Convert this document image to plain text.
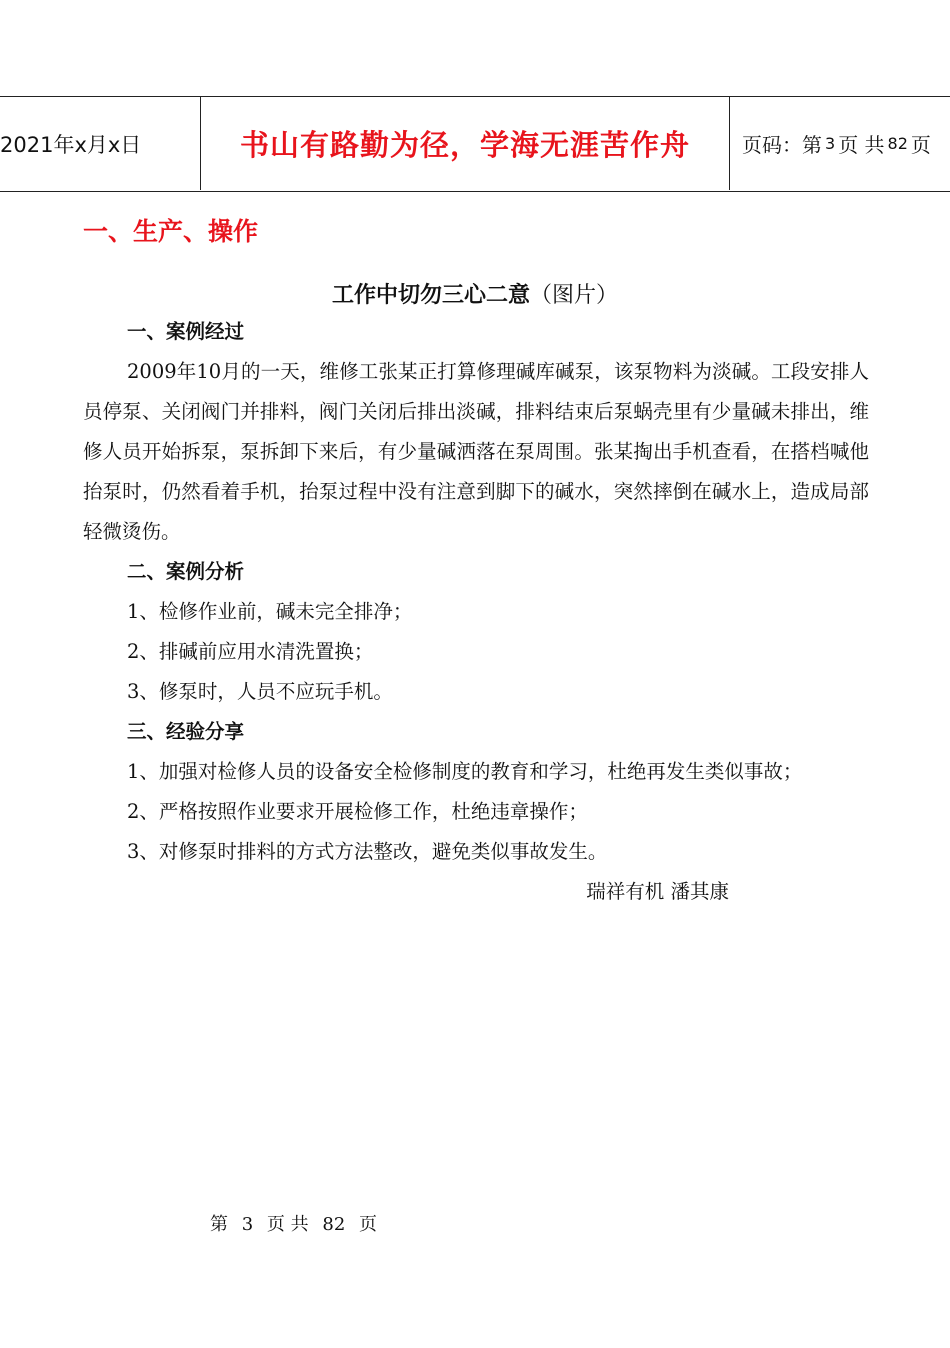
2021年x月x日	书山有路勤为径，学海无涯苦作舟	页码：第 3 页 共 82 页
一、生产、操作
工作中切勿三心二意（图片）

一、案例经过

2009年10月的一天，维修工张某正打算修理碱库碱泵，该泵物料为淡碱。工段安排人员停泵、关闭阀门并排料，阀门关闭后排出淡碱，排料结束后泵蜗壳里有少量碱未排出，维修人员开始拆泵，泵拆卸下来后，有少量碱洒落在泵周围。张某掏出手机查看，在搭档喊他抬泵时，仍然看着手机，抬泵过程中没有注意到脚下的碱水，突然摔倒在碱水上，造成局部轻微烫伤。

二、案例分析

1、检修作业前，碱未完全排净；

2、排碱前应用水清洗置换；

3、修泵时，人员不应玩手机。

三、经验分享

1、加强对检修人员的设备安全检修制度的教育和学习，杜绝再发生类似事故；

2、严格按照作业要求开展检修工作，杜绝违章操作；

3、对修泵时排料的方式方法整改，避免类似事故发生。

瑞祥有机 潘其康

第 3 页 共 82 页
